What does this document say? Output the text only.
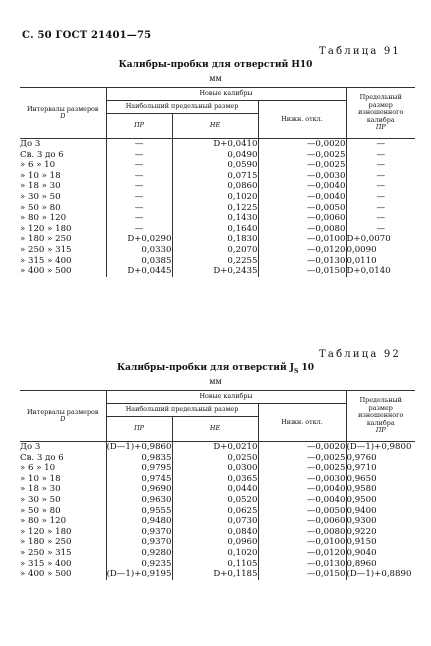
С. 50 ГОСТ 21401—75
Таблица 91
Калибры-пробки для отверстий H10
мм
Интервалы размеров
D	Новые калибры			Предельный размер изношенного калибра
ПР
	Наибольший предельный размер		Нижн. откл.	
	ПР	НЕ		
До 3	—	D+0,0410	—0,0020	—
Св. 3 до 6	—	0,0490	—0,0025	—
» 6 » 10	—	0,0590	—0,0025	—
» 10 » 18	—	0,0715	—0,0030	—
» 18 » 30	—	0,0860	—0,0040	—
» 30 » 50	—	0,1020	—0,0040	—
» 50 » 80	—	0,1225	—0,0050	—
» 80 » 120	—	0,1430	—0,0060	—
» 120 » 180	—	0,1640	—0,0080	—
» 180 » 250	D+0,0290	0,1830	—0,0100	D+0,0070
» 250 » 315	0,0330	0,2070	—0,0120	0,0090
» 315 » 400	0,0385	0,2255	—0,0130	0,0110
» 400 » 500	D+0,0445	D+0,2435	—0,0150	D+0,0140
Таблица 92
Калибры-пробки для отверстий $J_S$ 10
мм
Интервалы размеров
D	Новые калибры			Предельный размер изношенного калибра
ПР
	Наибольший предельный размер		Нижн. откл.	
	ПР	НЕ		
До 3	(D—1)+0,9860	D+0,0210	—0,0020	(D—1)+0,9800
Св. 3 до 6	0,9835	0,0250	—0,0025	0,9760
» 6 » 10	0,9795	0,0300	—0,0025	0,9710
» 10 » 18	0,9745	0,0365	—0,0030	0,9650
» 18 » 30	0,9690	0,0440	—0,0040	0,9580
» 30 » 50	0,9630	0,0520	—0,0040	0,9500
» 50 » 80	0,9555	0,0625	—0,0050	0,9400
» 80 » 120	0,9480	0,0730	—0,0060	0,9300
» 120 » 180	0,9370	0,0840	—0,0080	0,9220
» 180 » 250	0,9370	0,0960	—0,0100	0,9150
» 250 » 315	0,9280	0,1020	—0,0120	0,9040
» 315 » 400	0,9235	0,1105	—0,0130	0,8960
» 400 » 500	(D—1)+0,9195	D+0,1185	—0,0150	(D—1)+0,8890
